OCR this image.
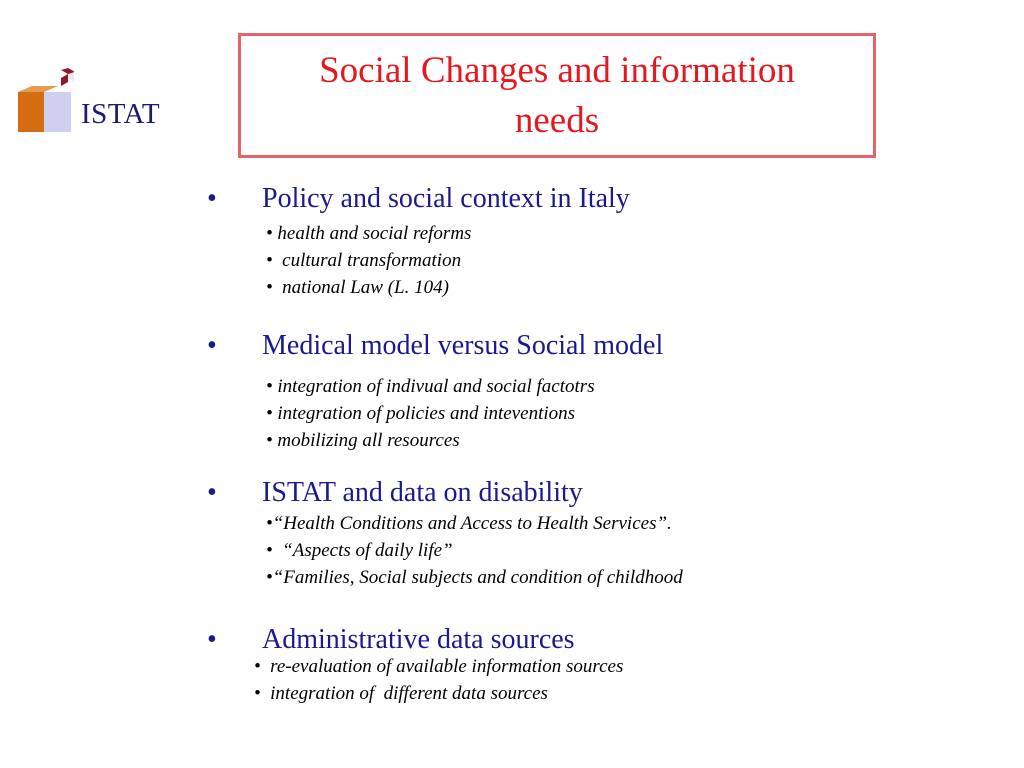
ISTAT
Social Changes and information
needs
• Policy and social context in Italy
• health and social reforms
•  cultural transformation
•  national Law (L. 104)
• Medical model versus Social model
• integration of indivual and social factotrs
• integration of policies and inteventions
• mobilizing all resources
• ISTAT and data on disability
•“Health Conditions and Access to Health Services”.
•  “Aspects of daily life”
•“Families, Social subjects and condition of childhood
• Administrative data sources
•  re-evaluation of available information sources
•  integration of  different data sources
